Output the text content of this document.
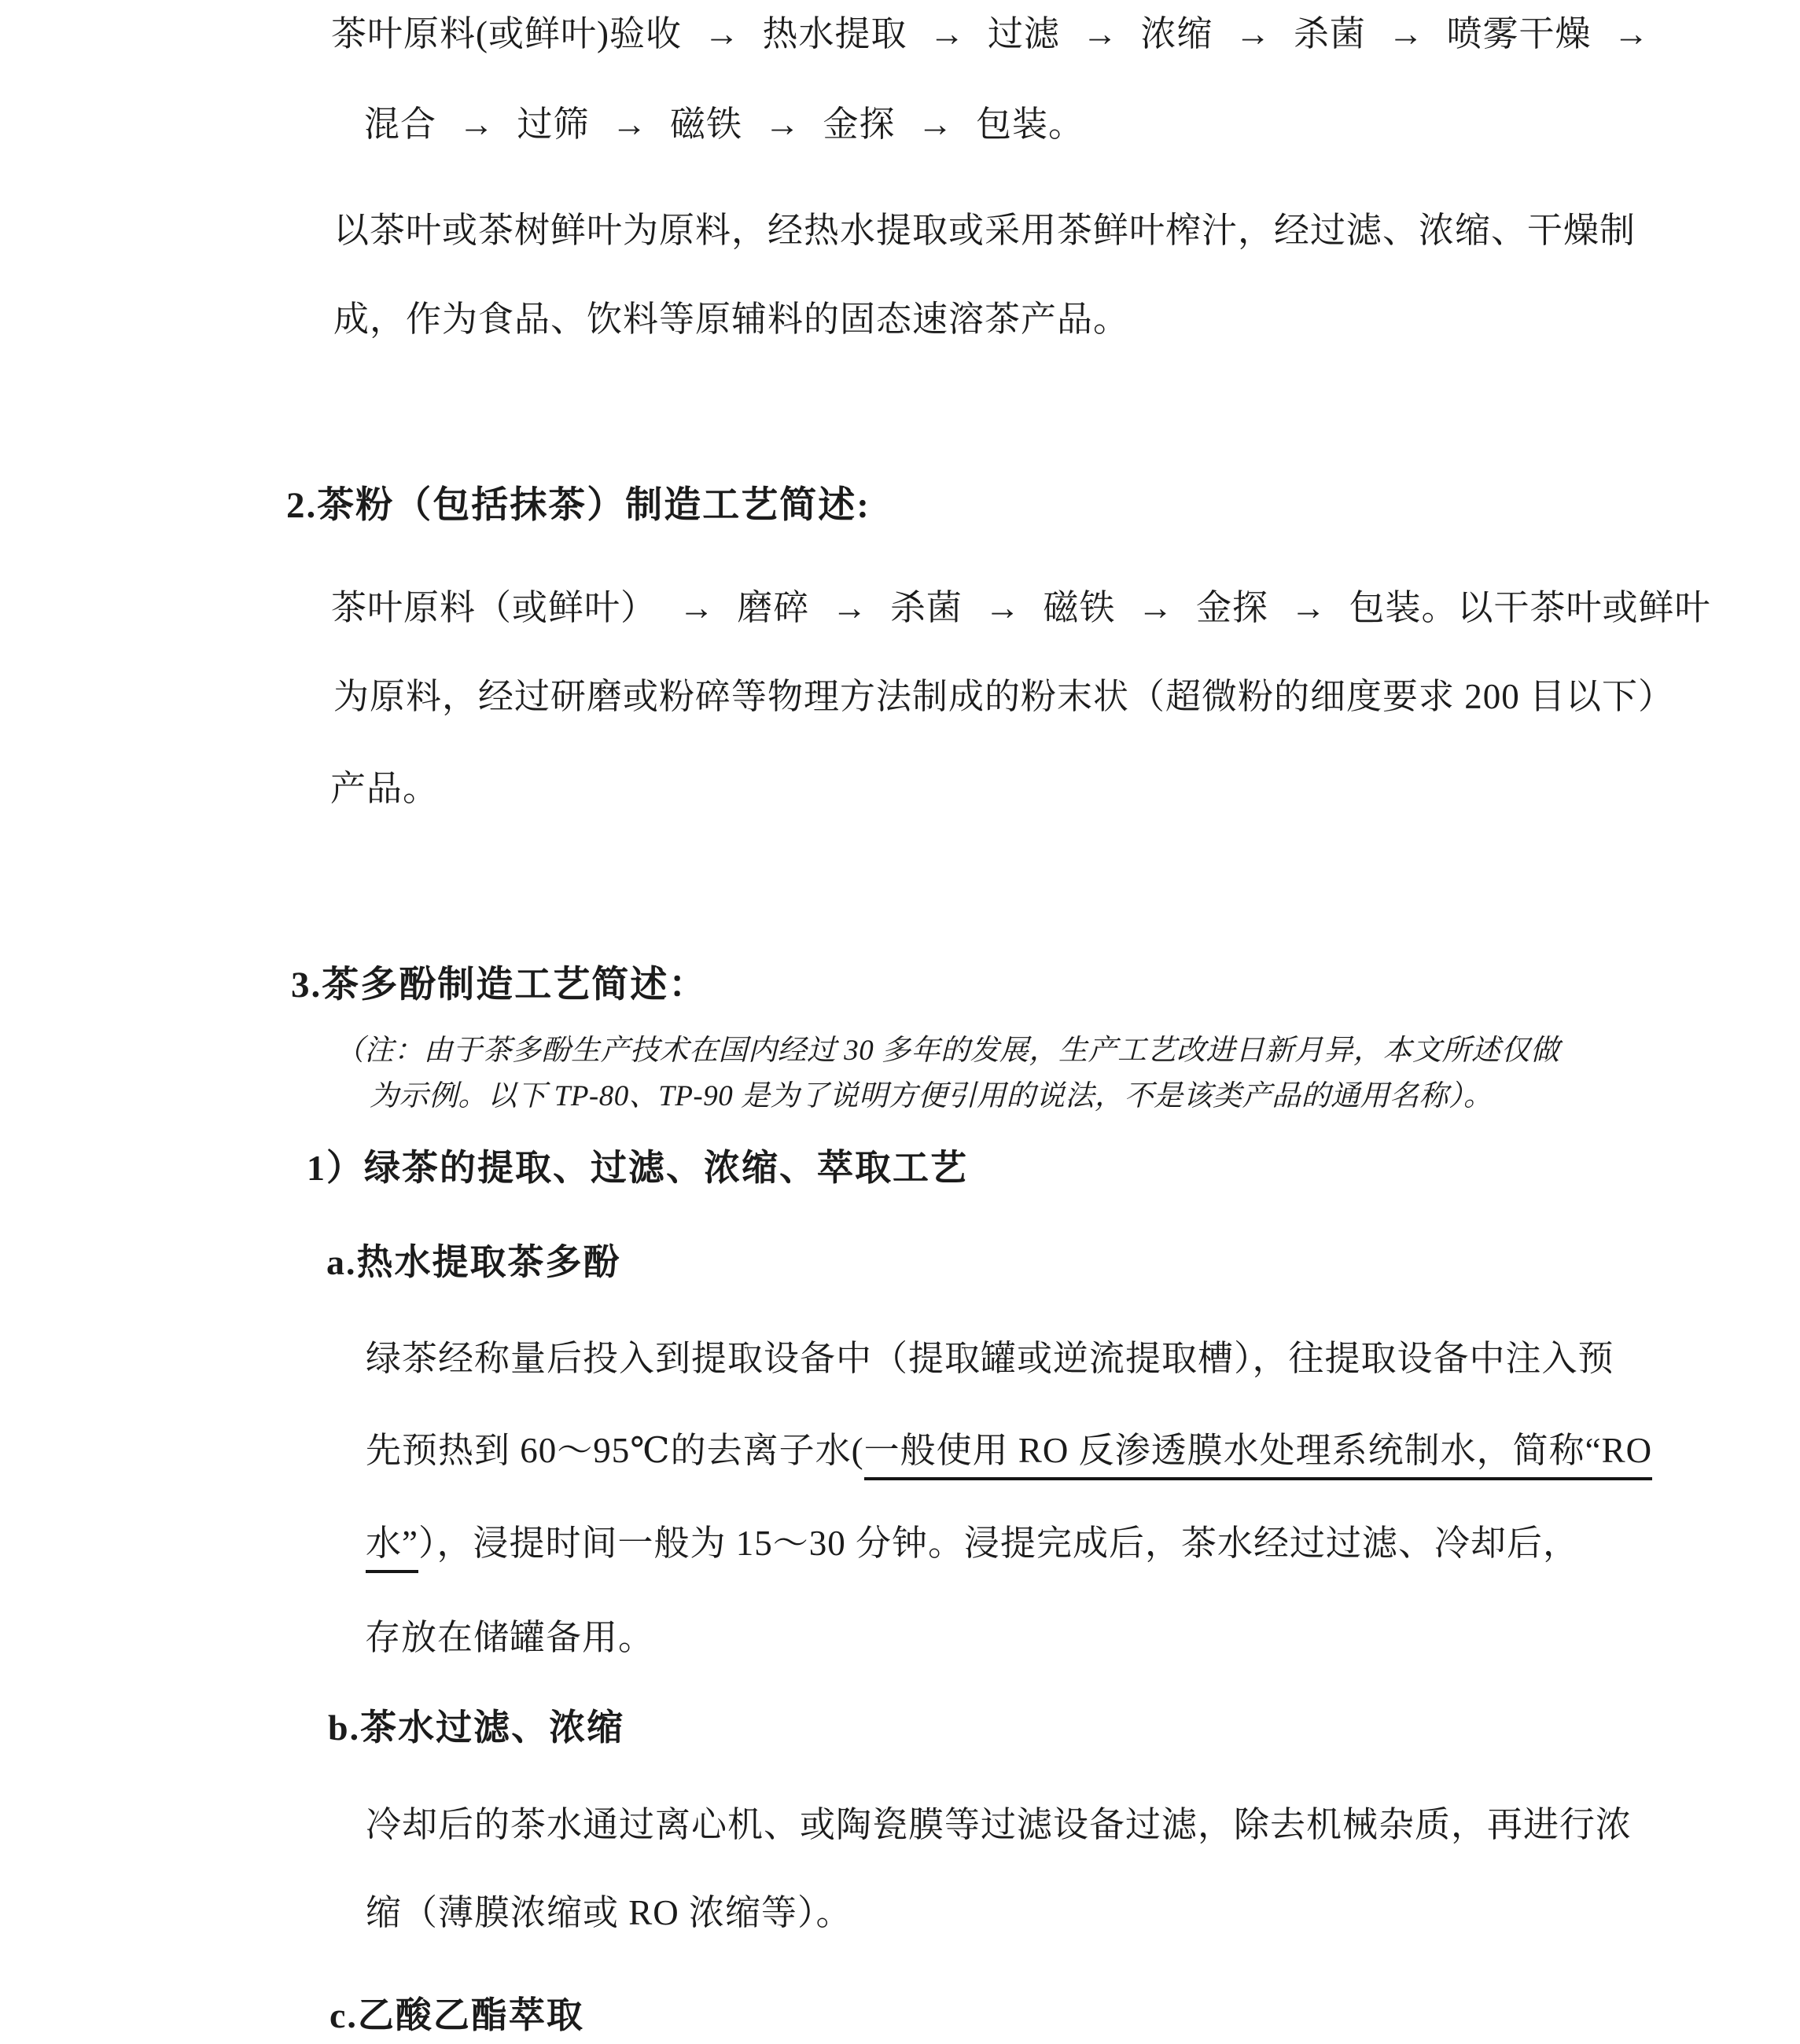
茶叶原料(或鲜叶)验收 → 热水提取 → 过滤 → 浓缩 → 杀菌 → 喷雾干燥 →
混合 → 过筛 → 磁铁 → 金探 → 包装。
以茶叶或茶树鲜叶为原料，经热水提取或采用茶鲜叶榨汁，经过滤、浓缩、干燥制
成，作为食品、饮料等原辅料的固态速溶茶产品。
2.茶粉（包括抹茶）制造工艺简述:
茶叶原料（或鲜叶） → 磨碎 → 杀菌 → 磁铁 → 金探 → 包装。以干茶叶或鲜叶
为原料，经过研磨或粉碎等物理方法制成的粉末状（超微粉的细度要求 200 目以下）
产品。
3.茶多酚制造工艺简述：
（注：由于茶多酚生产技术在国内经过 30 多年的发展，生产工艺改进日新月异，本文所述仅做
为示例。以下 TP-80、TP-90 是为了说明方便引用的说法，不是该类产品的通用名称）。
1）绿茶的提取、过滤、浓缩、萃取工艺
a.热水提取茶多酚
绿茶经称量后投入到提取设备中（提取罐或逆流提取槽），往提取设备中注入预
先预热到 60～95℃的去离子水(一般使用 RO 反渗透膜水处理系统制水，简称“RO
水”），浸提时间一般为 15～30 分钟。浸提完成后，茶水经过过滤、冷却后，
存放在储罐备用。
b.茶水过滤、浓缩
冷却后的茶水通过离心机、或陶瓷膜等过滤设备过滤，除去机械杂质，再进行浓
缩（薄膜浓缩或 RO 浓缩等）。
c.乙酸乙酯萃取
